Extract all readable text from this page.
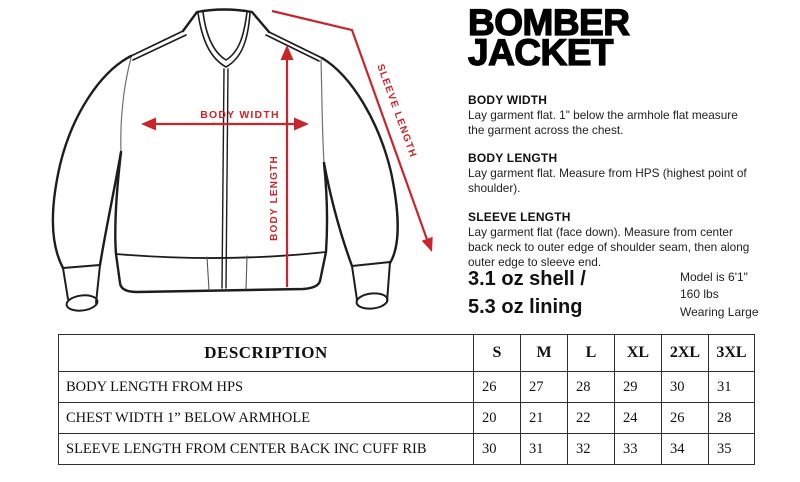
BODY WIDTH
BODY LENGTH
SLEEVE LENGTH
BOMBER
JACKET
BODY WIDTH

Lay garment flat. 1" below the armhole flat measure the garment across the chest.

BODY LENGTH

Lay garment flat. Measure from HPS (highest point of shoulder).

SLEEVE LENGTH

Lay garment flat (face down). Measure from center back neck to outer edge of shoulder seam, then along outer edge to sleeve end.

3.1 oz shell /
5.3 oz lining
Model is 6'1"
160 lbs
Wearing Large
DESCRIPTION	S	M	L	XL	2XL	3XL
BODY LENGTH FROM HPS	26	27	28	29	30	31
CHEST WIDTH 1” BELOW ARMHOLE	20	21	22	24	26	28
SLEEVE LENGTH FROM CENTER BACK INC CUFF RIB	30	31	32	33	34	35
